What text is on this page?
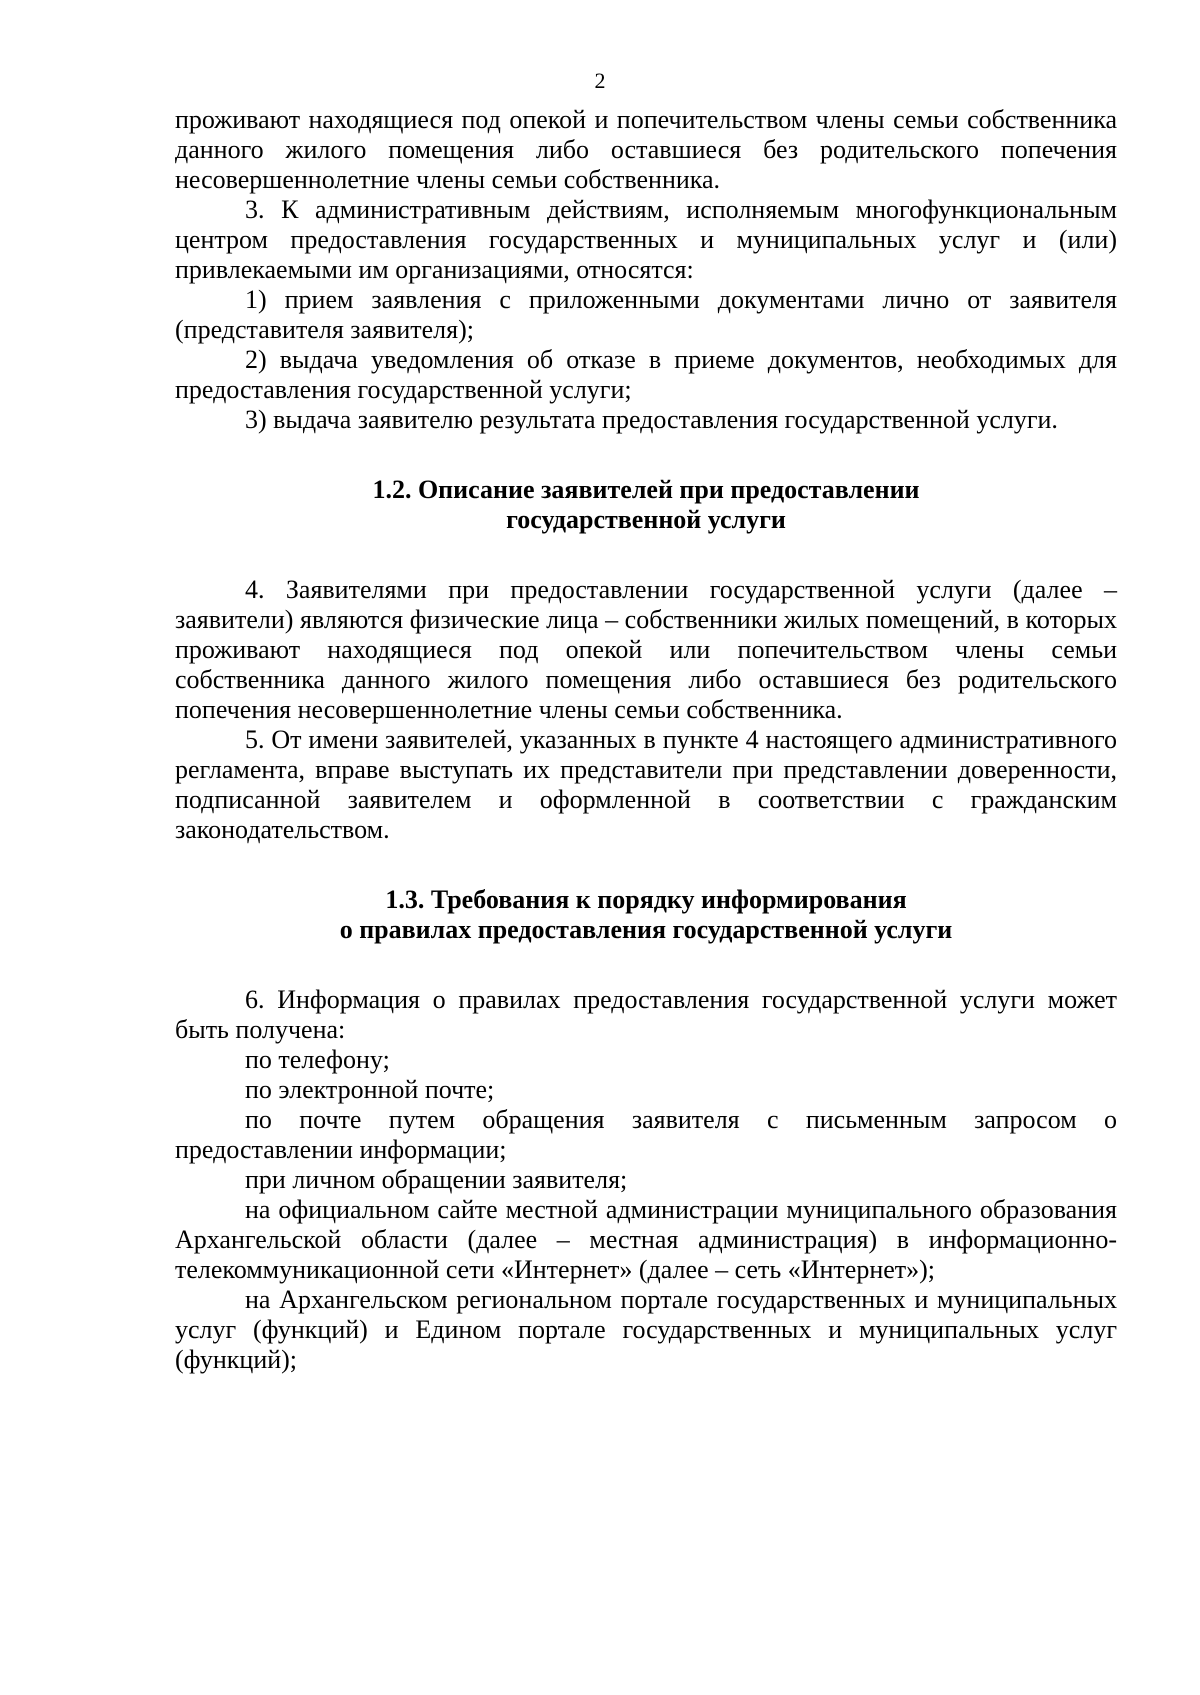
2

проживают находящиеся под опекой и попечительством члены семьи собственника данного жилого помещения либо оставшиеся без родительского попечения несовершеннолетние члены семьи собственника.

3. К административным действиям, исполняемым многофункциональным центром предоставления государственных и муниципальных услуг и (или) привлекаемыми им организациями, относятся:

1) прием заявления с приложенными документами лично от заявителя (представителя заявителя);

2) выдача уведомления об отказе в приеме документов, необходимых для предоставления государственной услуги;

3) выдача заявителю результата предоставления государственной услуги.

1.2. Описание заявителей при предоставлении
государственной услуги

4. Заявителями при предоставлении государственной услуги (далее – заявители) являются физические лица – собственники жилых помещений, в которых проживают находящиеся под опекой или попечительством члены семьи собственника данного жилого помещения либо оставшиеся без родительского попечения несовершеннолетние члены семьи собственника.

5. От имени заявителей, указанных в пункте 4 настоящего административного регламента, вправе выступать их представители при представлении доверенности, подписанной заявителем и оформленной в соответствии с гражданским законодательством.

1.3. Требования к порядку информирования
о правилах предоставления государственной услуги

6. Информация о правилах предоставления государственной услуги может быть получена:

по телефону;

по электронной почте;

по почте путем обращения заявителя с письменным запросом о предоставлении информации;

при личном обращении заявителя;

на официальном сайте местной администрации муниципального образования Архангельской области (далее – местная администрация) в информационно-телекоммуникационной сети «Интернет» (далее – сеть «Интернет»);

на Архангельском региональном портале государственных и муниципальных услуг (функций) и Едином портале государственных и муниципальных услуг (функций);
